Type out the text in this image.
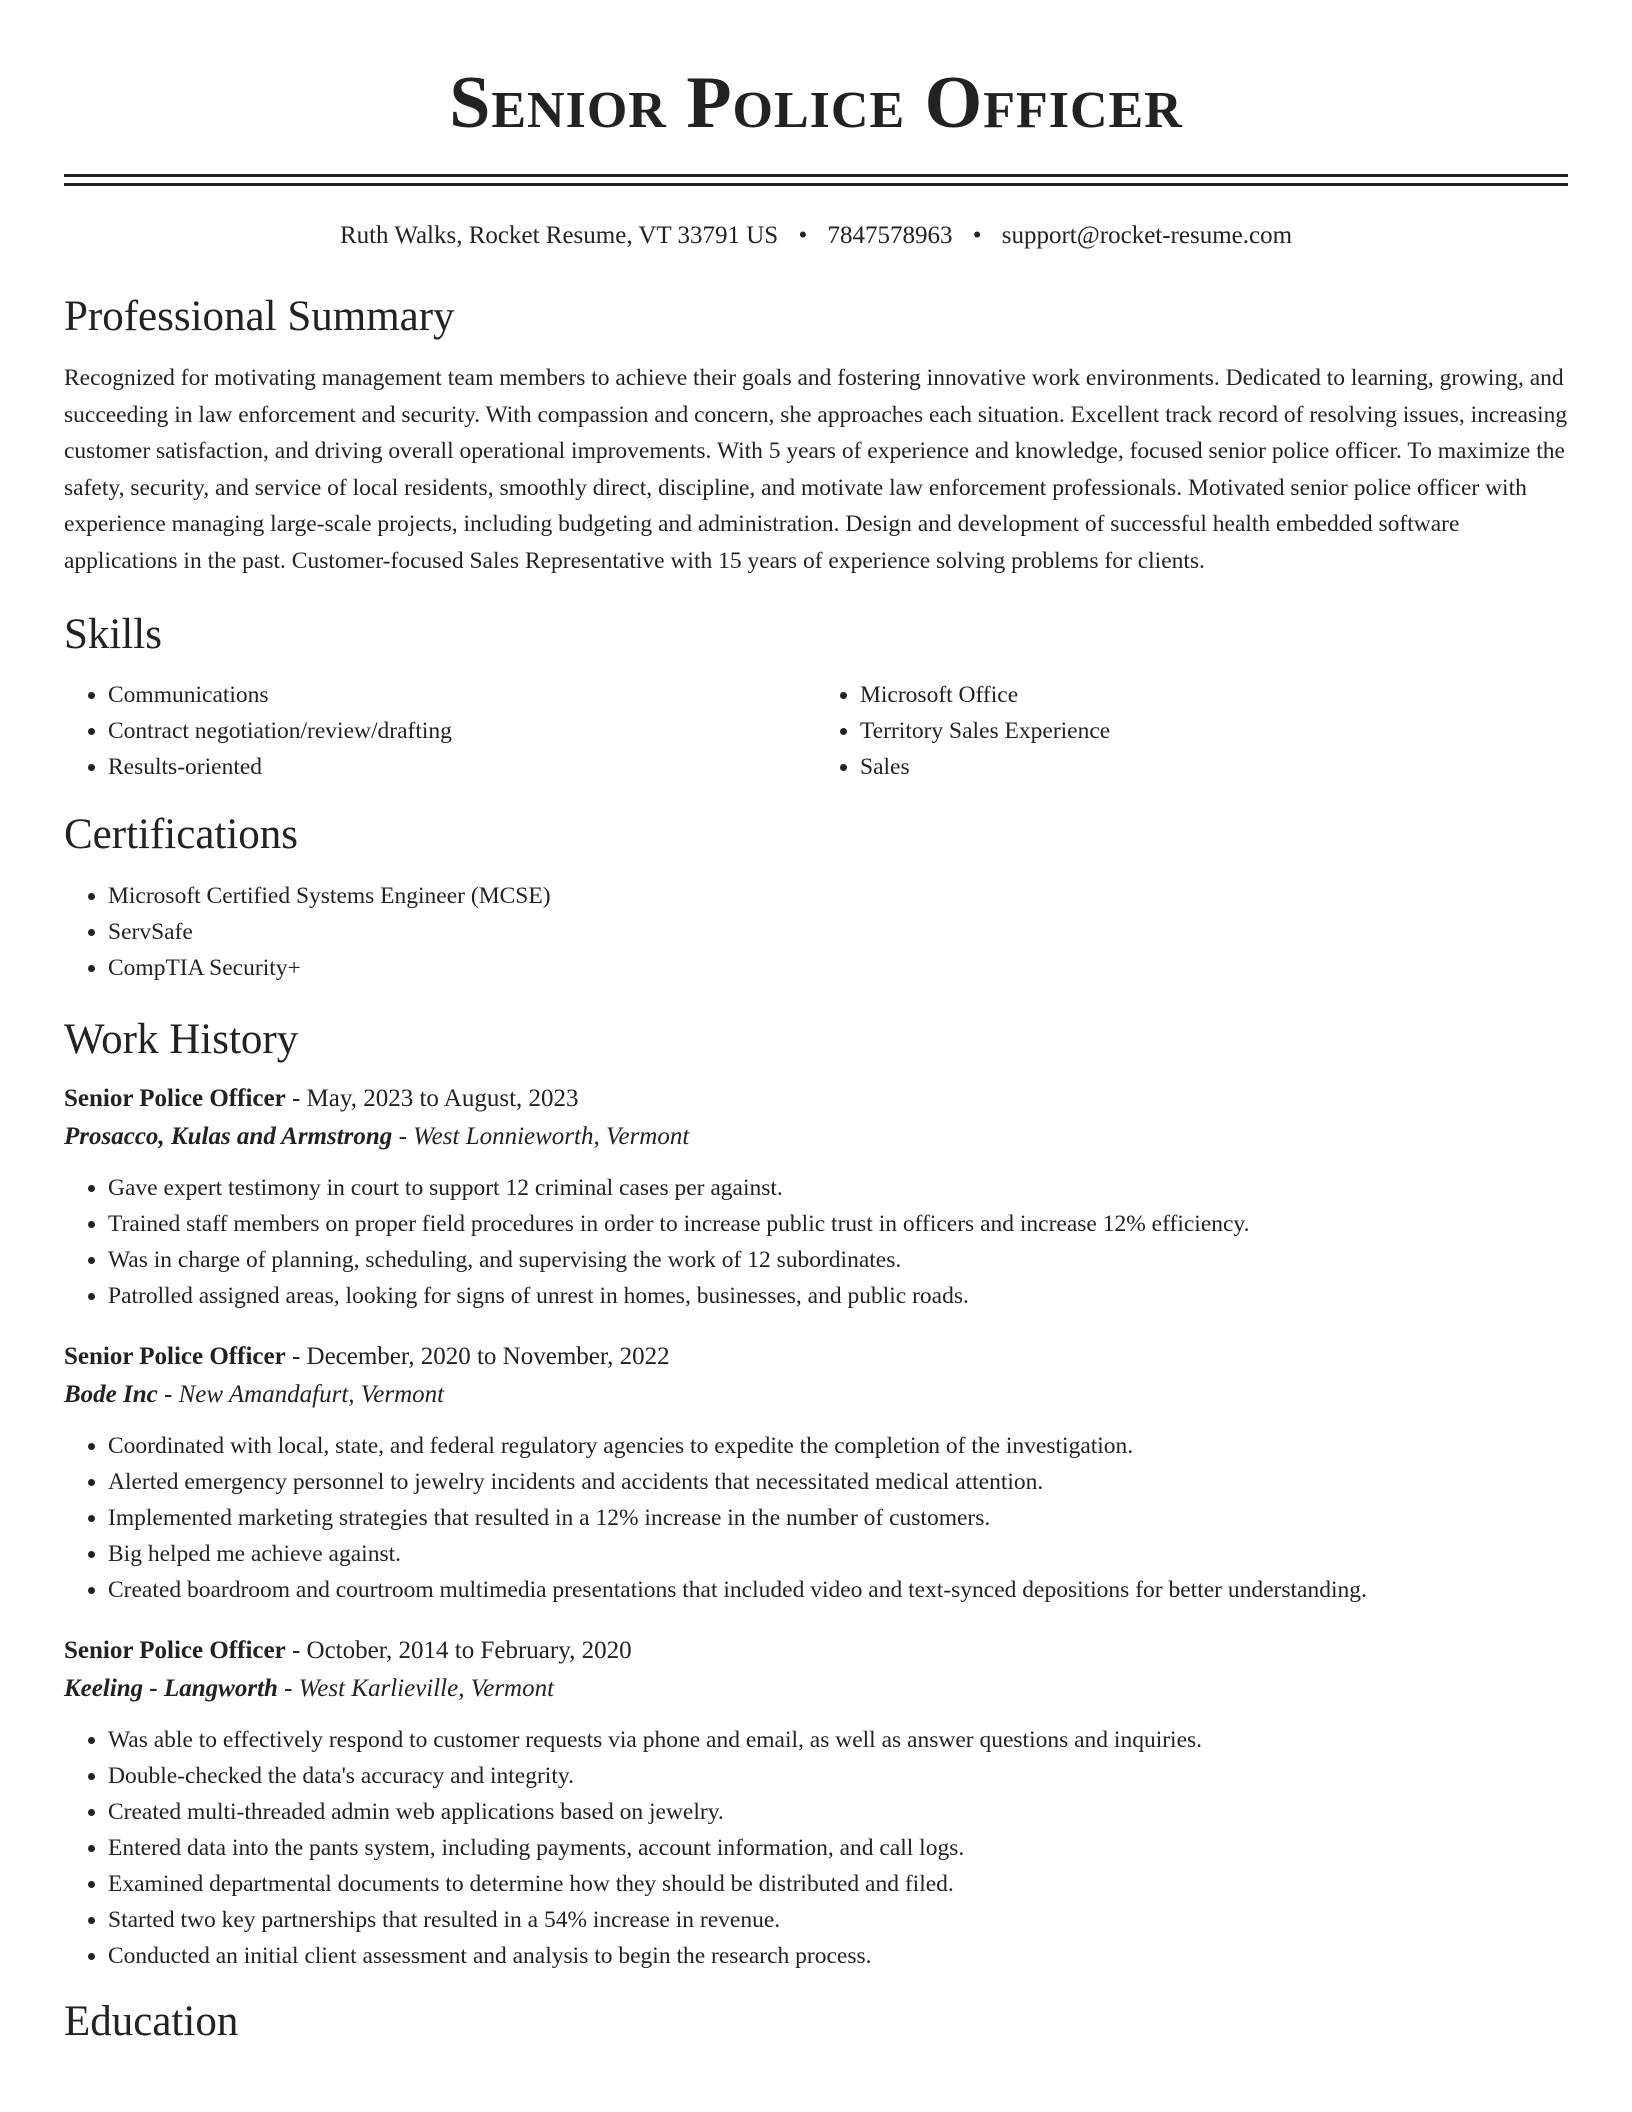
Senior Police Officer
Ruth Walks, Rocket Resume, VT 33791 US • 7847578963 • support@rocket-resume.com
Professional Summary

Recognized for motivating management team members to achieve their goals and fostering innovative work environments. Dedicated to learning, growing, and succeeding in law enforcement and security. With compassion and concern, she approaches each situation. Excellent track record of resolving issues, increasing customer satisfaction, and driving overall operational improvements. With 5 years of experience and knowledge, focused senior police officer. To maximize the safety, security, and service of local residents, smoothly direct, discipline, and motivate law enforcement professionals. Motivated senior police officer with experience managing large-scale projects, including budgeting and administration. Design and development of successful health embedded software applications in the past. Customer-focused Sales Representative with 15 years of experience solving problems for clients.

Skills
• Communications
• Contract negotiation/review/drafting
• Results-oriented
• Microsoft Office
• Territory Sales Experience
• Sales
Certifications
• Microsoft Certified Systems Engineer (MCSE)
• ServSafe
• CompTIA Security+
Work History
Senior Police Officer - May, 2023 to August, 2023
Prosacco, Kulas and Armstrong - West Lonnieworth, Vermont
• Gave expert testimony in court to support 12 criminal cases per against.
• Trained staff members on proper field procedures in order to increase public trust in officers and increase 12% efficiency.
• Was in charge of planning, scheduling, and supervising the work of 12 subordinates.
• Patrolled assigned areas, looking for signs of unrest in homes, businesses, and public roads.
Senior Police Officer - December, 2020 to November, 2022
Bode Inc - New Amandafurt, Vermont
• Coordinated with local, state, and federal regulatory agencies to expedite the completion of the investigation.
• Alerted emergency personnel to jewelry incidents and accidents that necessitated medical attention.
• Implemented marketing strategies that resulted in a 12% increase in the number of customers.
• Big helped me achieve against.
• Created boardroom and courtroom multimedia presentations that included video and text-synced depositions for better understanding.
Senior Police Officer - October, 2014 to February, 2020
Keeling - Langworth - West Karlieville, Vermont
• Was able to effectively respond to customer requests via phone and email, as well as answer questions and inquiries.
• Double-checked the data's accuracy and integrity.
• Created multi-threaded admin web applications based on jewelry.
• Entered data into the pants system, including payments, account information, and call logs.
• Examined departmental documents to determine how they should be distributed and filed.
• Started two key partnerships that resulted in a 54% increase in revenue.
• Conducted an initial client assessment and analysis to begin the research process.
Education
